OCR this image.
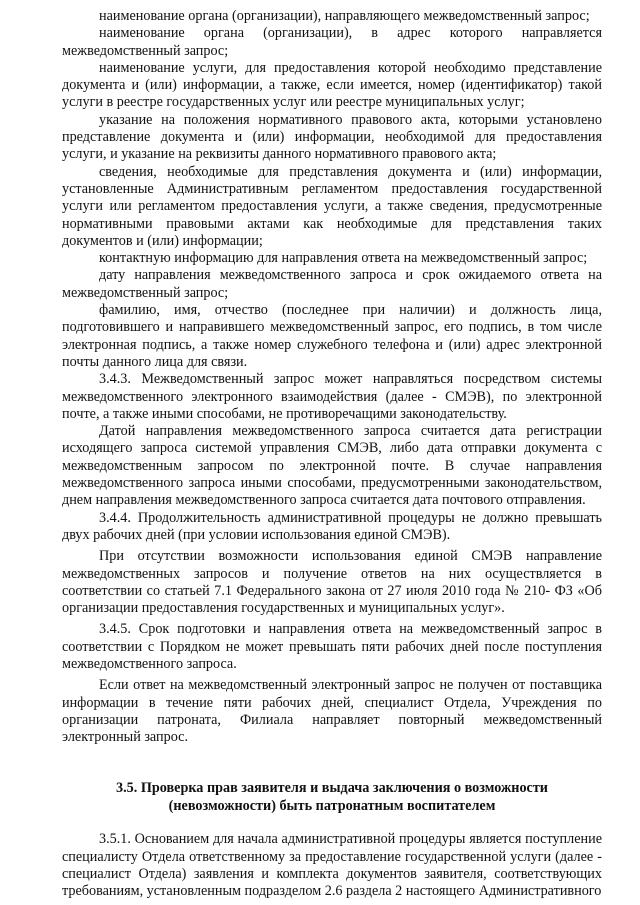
наименование органа (организации), направляющего межведомственный запрос;

наименование органа (организации), в адрес которого направляется межведомственный запрос;

наименование услуги, для предоставления которой необходимо представление документа и (или) информации, а также, если имеется, номер (идентификатор) такой услуги в реестре государственных услуг или реестре муниципальных услуг;

указание на положения нормативного правового акта, которыми установлено представление документа и (или) информации, необходимой для предоставления услуги, и указание на реквизиты данного нормативного правового акта;

сведения, необходимые для представления документа и (или) информации, установленные Административным регламентом предоставления государственной услуги или регламентом предоставления услуги, а также сведения, предусмотренные нормативными правовыми актами как необходимые для представления таких документов и (или) информации;

контактную информацию для направления ответа на межведомственный запрос;

дату направления межведомственного запроса и срок ожидаемого ответа на межведомственный запрос;

фамилию, имя, отчество (последнее при наличии) и должность лица, подготовившего и направившего межведомственный запрос, его подпись, в том числе электронная подпись, а также номер служебного телефона и (или) адрес электронной почты данного лица для связи.

3.4.3. Межведомственный запрос может направляться посредством системы межведомственного электронного взаимодействия (далее - СМЭВ), по электронной почте, а также иными способами, не противоречащими законодательству.

Датой направления межведомственного запроса считается дата регистрации исходящего запроса системой управления СМЭВ, либо дата отправки документа с межведомственным запросом по электронной почте. В случае направления межведомственного запроса иными способами, предусмотренными законодательством, днем направления межведомственного запроса считается дата почтового отправления.

3.4.4. Продолжительность административной процедуры не должно превышать двух рабочих дней (при условии использования единой СМЭВ).

При отсутствии возможности использования единой СМЭВ направление межведомственных запросов и получение ответов на них осуществляется в соответствии со статьей 7.1 Федерального закона от 27 июля 2010 года № 210- ФЗ «Об организации предоставления государственных и муниципальных услуг».

3.4.5. Срок подготовки и направления ответа на межведомственный запрос в соответствии с Порядком не может превышать пяти рабочих дней после поступления межведомственного запроса.

Если ответ на межведомственный электронный запрос не получен от поставщика информации в течение пяти рабочих дней, специалист Отдела, Учреждения по организации патроната, Филиала направляет повторный межведомственный электронный запрос.

3.5. Проверка прав заявителя и выдача заключения о возможности (невозможности) быть патронатным воспитателем

3.5.1. Основанием для начала административной процедуры является поступление специалисту Отдела ответственному за предоставление государственной услуги (далее - специалист Отдела) заявления и комплекта документов заявителя, соответствующих требованиям, установленным подразделом 2.6 раздела 2 настоящего Административного
